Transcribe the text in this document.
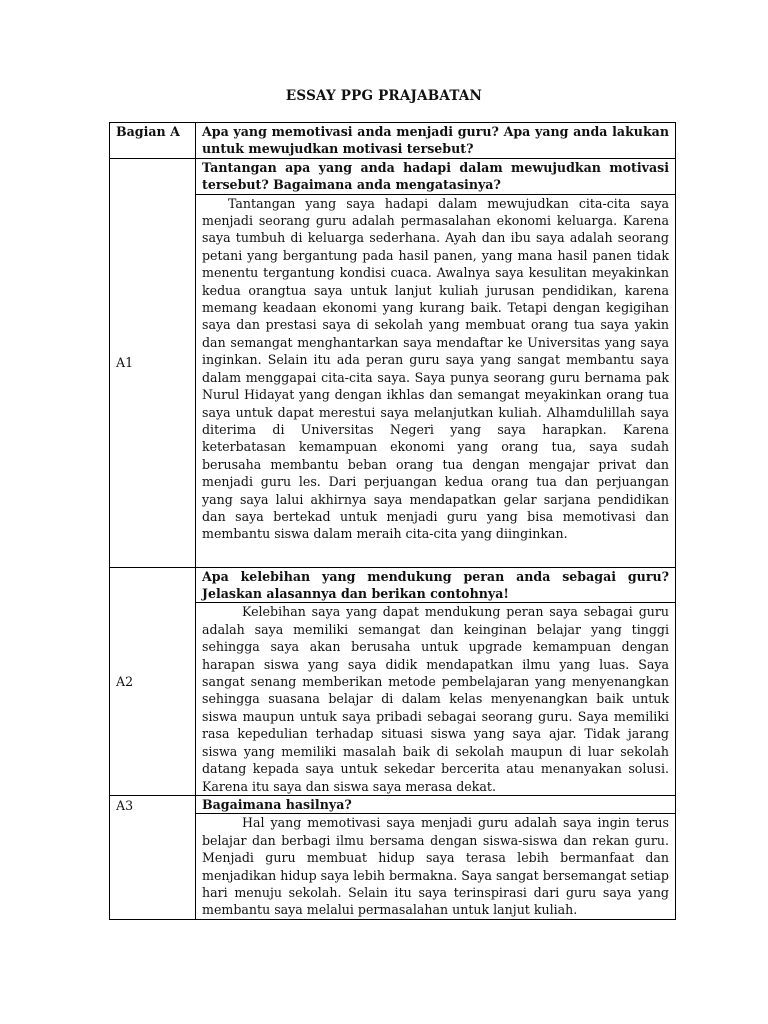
ESSAY PPG PRAJABATAN
Bagian A	Apa yang memotivasi anda menjadi guru? Apa yang anda lakukan untuk mewujudkan motivasi tersebut?
A1	Tantangan apa yang anda hadapi dalam mewujudkan motivasi tersebut? Bagaimana anda mengatasinya?

	Tantangan yang saya hadapi dalam mewujudkan cita-cita saya menjadi seorang guru adalah permasalahan ekonomi keluarga. Karena saya tumbuh di keluarga sederhana. Ayah dan ibu saya adalah seorang petani yang bergantung pada hasil panen, yang mana hasil panen tidak menentu tergantung kondisi cuaca. Awalnya saya kesulitan meyakinkan kedua orangtua saya untuk lanjut kuliah jurusan pendidikan, karena memang keadaan ekonomi yang kurang baik. Tetapi dengan kegigihan saya dan prestasi saya di sekolah yang membuat orang tua saya yakin dan semangat menghantarkan saya mendaftar ke Universitas yang saya inginkan. Selain itu ada peran guru saya yang sangat membantu saya dalam menggapai cita-cita saya. Saya punya seorang guru bernama pak Nurul Hidayat yang dengan ikhlas dan semangat meyakinkan orang tua saya untuk dapat merestui saya melanjutkan kuliah. Alhamdulillah saya diterima di Universitas Negeri yang saya harapkan. Karena keterbatasan kemampuan ekonomi yang orang tua, saya sudah berusaha membantu beban orang tua dengan mengajar privat dan menjadi guru les. Dari perjuangan kedua orang tua dan perjuangan yang saya lalui akhirnya saya mendapatkan gelar sarjana pendidikan dan saya bertekad untuk menjadi guru yang bisa memotivasi dan membantu siswa dalam meraih cita-cita yang diinginkan.

A2	Apa kelebihan yang mendukung peran anda sebagai guru? Jelaskan alasannya dan berikan contohnya!

	Kelebihan saya yang dapat mendukung peran saya sebagai guru adalah saya memiliki semangat dan keinginan belajar yang tinggi sehingga saya akan berusaha untuk upgrade kemampuan dengan harapan siswa yang saya didik mendapatkan ilmu yang luas. Saya sangat senang memberikan metode pembelajaran yang menyenangkan sehingga suasana belajar di dalam kelas menyenangkan baik untuk siswa maupun untuk saya pribadi sebagai seorang guru. Saya memiliki rasa kepedulian terhadap situasi siswa yang saya ajar. Tidak jarang siswa yang memiliki masalah baik di sekolah maupun di luar sekolah datang kepada saya untuk sekedar bercerita atau menanyakan solusi. Karena itu saya dan siswa saya merasa dekat.

A3	Bagaimana hasilnya?

	Hal yang memotivasi saya menjadi guru adalah saya ingin terus belajar dan berbagi ilmu bersama dengan siswa-siswa dan rekan guru. Menjadi guru membuat hidup saya terasa lebih bermanfaat dan menjadikan hidup saya lebih bermakna. Saya sangat bersemangat setiap hari menuju sekolah. Selain itu saya terinspirasi dari guru saya yang membantu saya melalui permasalahan untuk lanjut kuliah.
